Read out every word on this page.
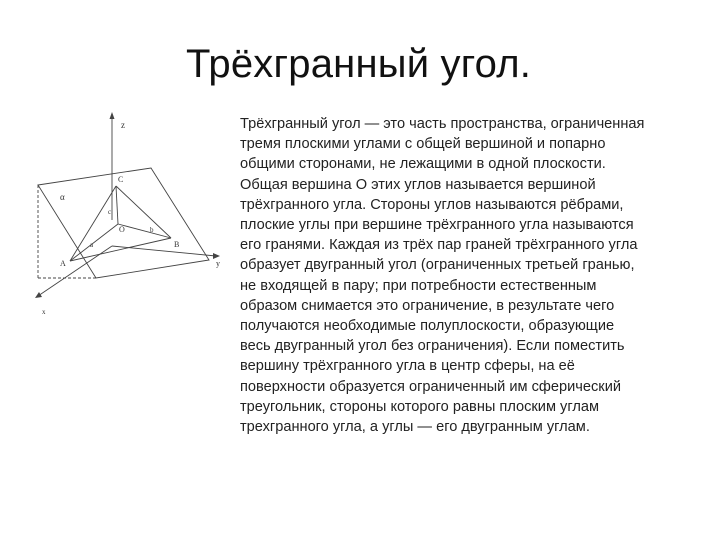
Трёхгранный угол.
z
α
C
c
O
a
b
B
A	y
x
Трёхгранный угол — это часть пространства, ограниченная
тремя плоскими углами с общей вершиной и попарно
общими сторонами, не лежащими в одной плоскости.
Общая вершина О этих углов называется вершиной
трёхгранного угла. Стороны углов называются рёбрами,
плоские углы при вершине трёхгранного угла называются
его гранями. Каждая из трёх пар граней трёхгранного угла
образует двугранный угол (ограниченных третьей гранью,
не входящей в пару; при потребности естественным
образом снимается это ограничение, в результате чего
получаются необходимые полуплоскости, образующие
весь двугранный угол без ограничения). Если поместить
вершину трёхгранного угла в центр сферы, на её
поверхности образуется ограниченный им сферический
треугольник, стороны которого равны плоским углам
трехгранного угла, а углы — его двугранным углам.
